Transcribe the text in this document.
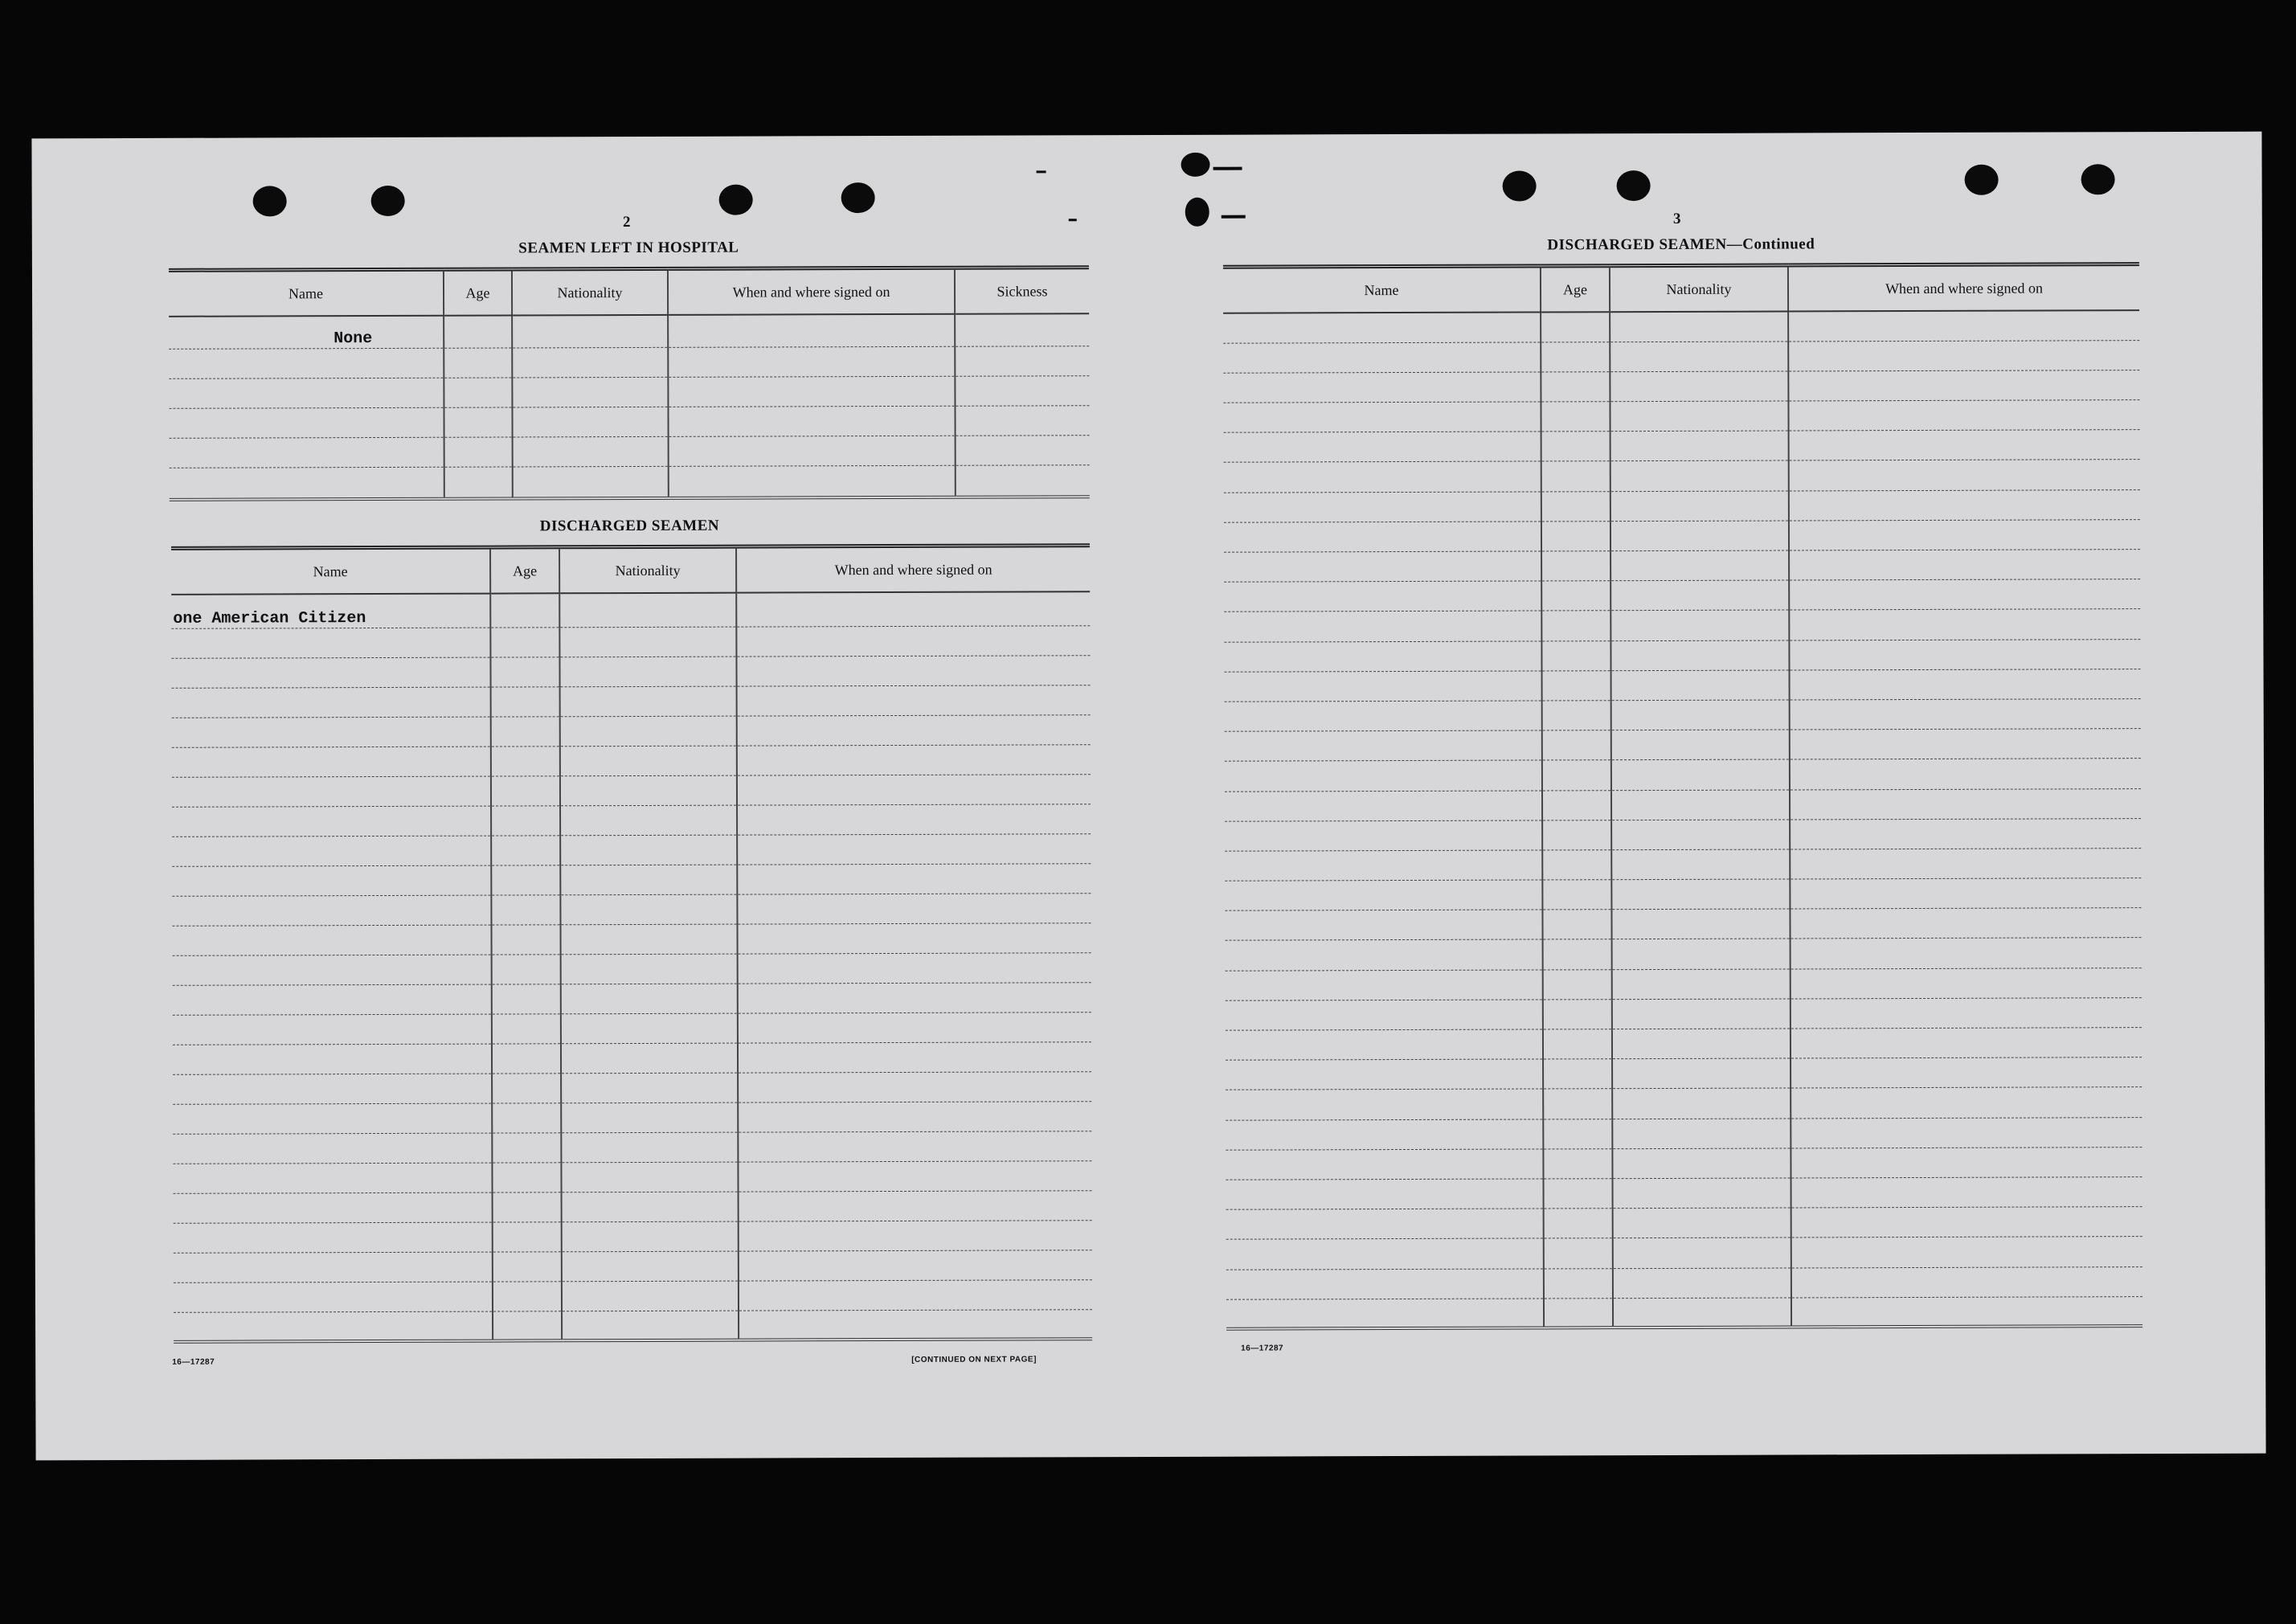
2
SEAMEN LEFT IN HOSPITAL
Name	Age	Nationality	When and where signed on	Sickness
None				

DISCHARGED SEAMEN
Name	Age	Nationality	When and where signed on
one American Citizen			

16—17287	[CONTINUED ON NEXT PAGE]
3
DISCHARGED SEAMEN—Continued
Name	Age	Nationality	When and where signed on

16—17287
